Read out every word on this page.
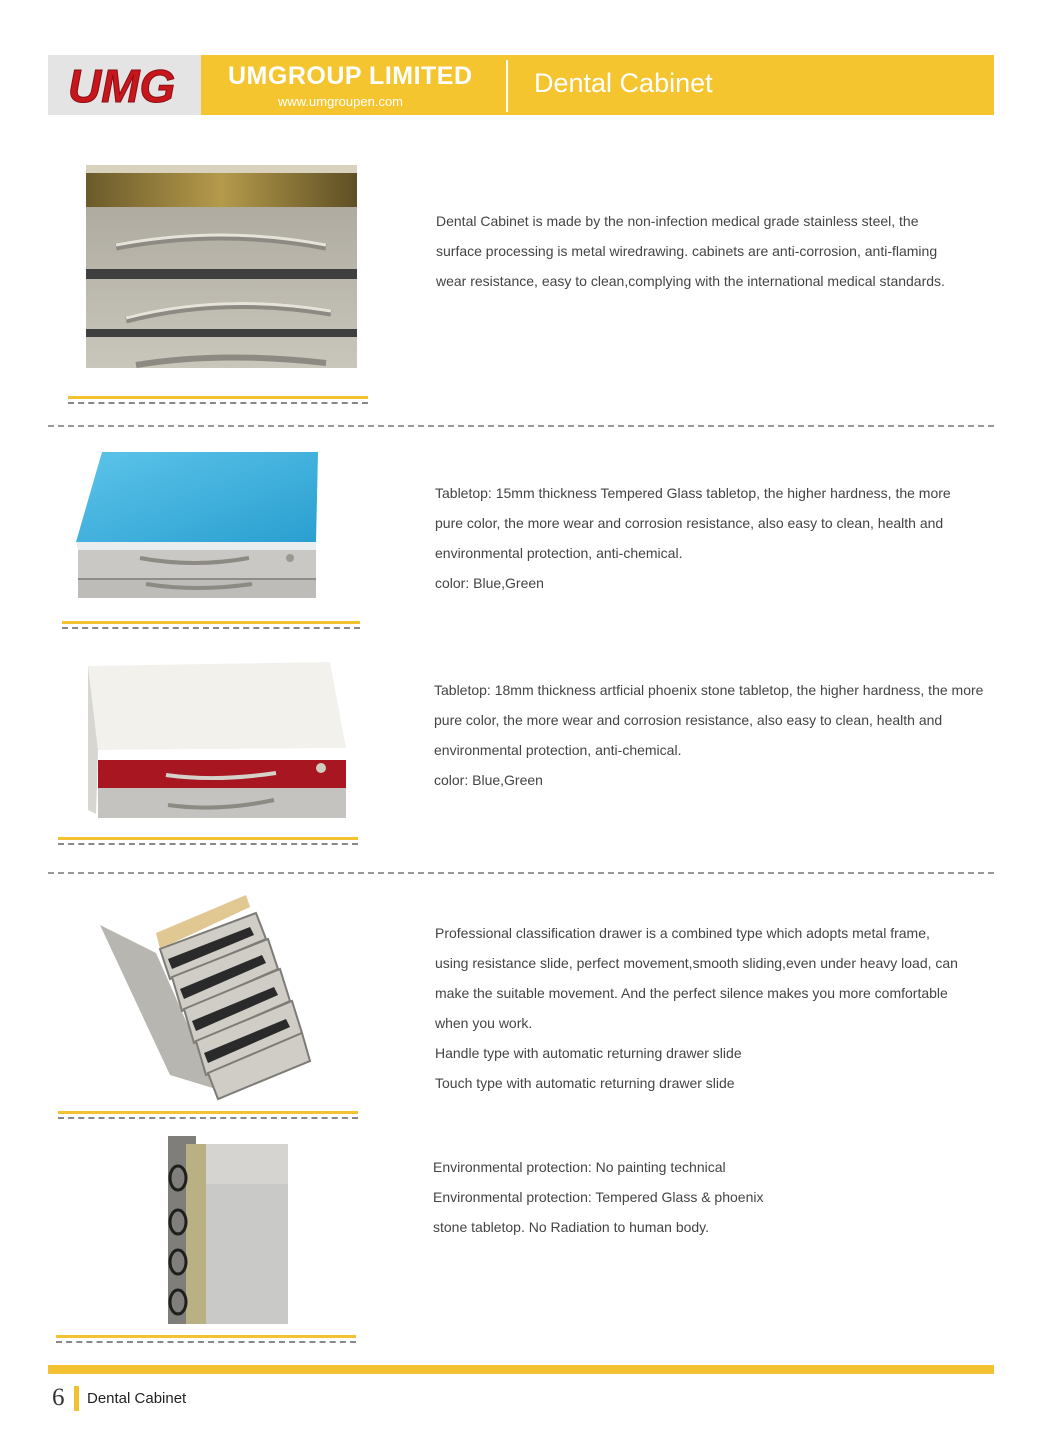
UMG UMGROUP LIMITED
www.umgroupen.com
Dental Cabinet

Dental Cabinet is made by the non-infection medical grade stainless steel, the

surface processing is metal wiredrawing. cabinets are anti-corrosion, anti-flaming

wear resistance, easy to clean,complying with the international medical standards.

Tabletop: 15mm thickness Tempered Glass tabletop, the higher hardness, the more

pure color, the more wear and corrosion resistance, also easy to clean, health and

environmental protection, anti-chemical.

color: Blue,Green

Tabletop: 18mm thickness artficial phoenix stone tabletop, the higher hardness, the more

pure color, the more wear and corrosion resistance, also easy to clean, health and

environmental protection, anti-chemical.

color: Blue,Green

Professional classification drawer is a combined type which adopts metal frame,

using resistance slide, perfect movement,smooth sliding,even under heavy load, can

make the suitable movement. And the perfect silence makes you more comfortable

when you work.

Handle type with automatic returning drawer slide

Touch type with automatic returning drawer slide

Environmental protection: No painting technical

Environmental protection: Tempered Glass & phoenix

stone tabletop. No Radiation to human body.

6 Dental Cabinet
